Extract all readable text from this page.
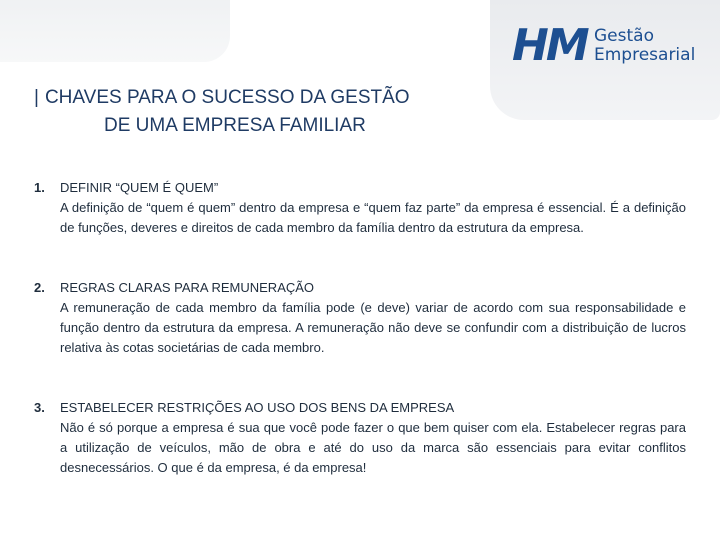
HM Gestão
Empresarial
| CHAVES PARA O SUCESSO DA GESTÃO
DE UMA EMPRESA FAMILIAR
1.	DEFINIR “QUEM É QUEM”
A definição de “quem é quem” dentro da empresa e “quem faz parte” da empresa é essencial. É a definição de funções, deveres e direitos de cada membro da família dentro da estrutura da empresa.
2.	REGRAS CLARAS PARA REMUNERAÇÃO
A remuneração de cada membro da família pode (e deve) variar de acordo com sua responsabilidade e função dentro da estrutura da empresa. A remuneração não deve se confundir com a distribuição de lucros relativa às cotas societárias de cada membro.
3.	ESTABELECER RESTRIÇÕES AO USO DOS BENS DA EMPRESA
Não é só porque a empresa é sua que você pode fazer o que bem quiser com ela. Estabelecer regras para a utilização de veículos, mão de obra e até do uso da marca são essenciais para evitar conflitos desnecessários. O que é da empresa, é da empresa!
